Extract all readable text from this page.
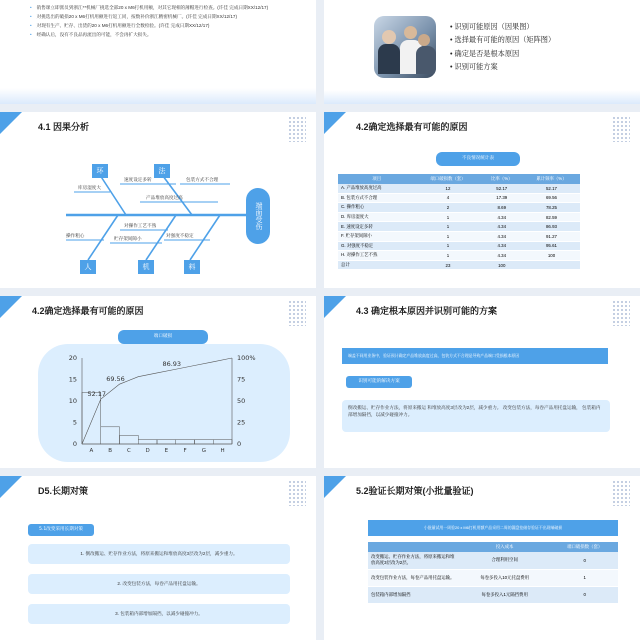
• 销售课立即派员到浙江**机械厂挑选全部20 x M6打机用额，对其它现相的薄帽进行检查。(许佳 完成日期XX/12/17)
• 对挑选出的破损20 x M6打机用额进行返工同，按数补价浙江精密机械厂。(许佳 完成日期XX/12/17)
• 对现有生产、贮存、出货的20 x M6打机用额进行全数检验。(许佳 完成日期XX/12/17)
• 经确认后，没有不良品再流出的可能，不会再扩大损失。
• 识别可能原因（因果图）
• 选择最有可能的原因（矩阵图）
• 确定是否是根本原因
• 识别可能方案
4.1 因果分析
端面受伤
环	法
人	机	料
库房湿度大
速度设定多转	包装方式不合理
产品堆放高度过高
对操作工艺不熟
操作粗心
贮存架间隙小
对强度不稳定
4.2确定选择最有可能的原因
不良情况统计表
项目	端口破损数（套）	比率（%）	累计频率（%）
A. 产品堆放高度过高	12	52.17	52.17
B. 包装方式不合理	4	17.39	69.56
C. 操作粗心	2	8.69	78.25
D. 库房湿度大	1	4.34	82.59
E. 速度设定多转	1	4.34	86.93
F. 贮存架间隙小	1	4.34	91.27
G. 对强度不稳定	1	4.34	95.61
H. 对操作工艺不熟	1	4.34	100
总计	23	100	
4.2确定选择最有可能的原因
端口破损
0
5
10
15
20
0
25
50
75
100%
A	B	C	D	E	F	G	H
52.17
69.56
86.93
4.3 确定根本原因并识别可能的方案
端盖不同用业务中，验证预计确定产品堆放高度过高，包装方式不合理是导致产品端口受损根本原因
识别可能的解决方案
倒改搬运、贮存作业方法，将原来搬运 和堆放高度3层改为2层，减少重力。 改变包装方法，每卷产品用托盘运输， 包装箱内部增加隔挡，以减少碰撞冲力。
D5.长期对策
5.1改变采用长期对策
1. 倒改搬运、贮存作业方法，将原来搬运和堆放高度3层改为2层，减少重力。
2. 改变包装方法，每卷产品用托盘运输。
3. 包装箱内部增加隔挡，以减少碰撞冲力。
5.2验证长期对策(小批量验证)
小批量试用一周验20 x M6打机用额产品采用二周的漏盘挂储存验证不出现端破损
	投入成本	端口破损数（套）
改变搬运、贮存作业方法，将原来搬运和堆放高度3层改为2层。	合理利用空间	0
改变包装作业方法，每卷产品用托盘运输。	每卷多投入10元托盘费用	1
包装箱内部增加隔挡	每卷多投入1元隔挡费用	0
